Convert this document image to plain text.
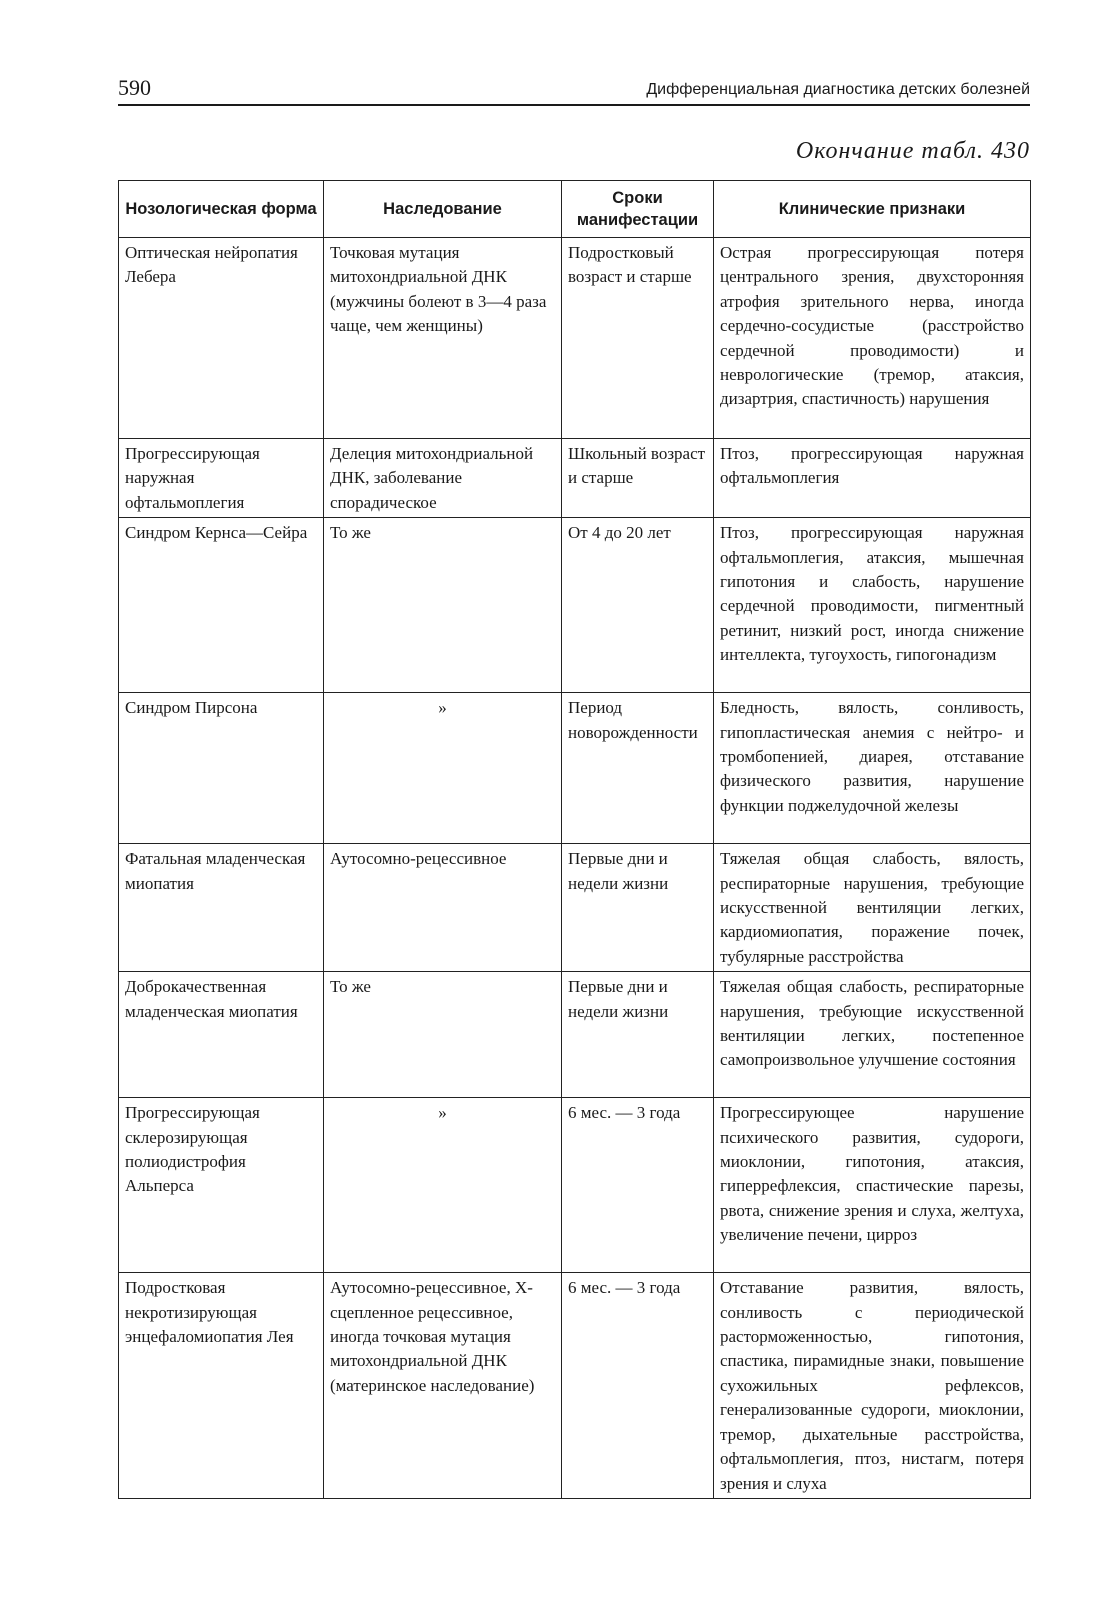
590	Дифференциальная диагностика детских болезней
Окончание табл. 430
Нозологическая форма	Наследование	Сроки манифестации	Клинические признаки
Оптическая нейропатия Лебера	Точковая мутация митохондриальной ДНК (мужчины болеют в 3—4 раза чаще, чем женщины)	Подростковый возраст и старше	Острая прогрессирующая потеря центрального зрения, двухсторонняя атрофия зрительного нерва, иногда сердечно-сосудистые (расстройство сердечной проводимости) и неврологические (тремор, атаксия, дизартрия, спастичность) нарушения
Прогрессирующая наружная офтальмоплегия	Делеция митохондриальной ДНК, заболевание спорадическое	Школьный возраст и старше	Птоз, прогрессирующая наружная офтальмоплегия
Синдром Кернса—Сейра	То же	От 4 до 20 лет	Птоз, прогрессирующая наружная офтальмоплегия, атаксия, мышечная гипотония и слабость, нарушение сердечной проводимости, пигментный ретинит, низкий рост, иногда снижение интеллекта, тугоухость, гипогонадизм
Синдром Пирсона	»	Период новорожденности	Бледность, вялость, сонливость, гипопластическая анемия с нейтро- и тромбопенией, диарея, отставание физического развития, нарушение функции поджелудочной железы
Фатальная младенческая миопатия	Аутосомно-рецессивное	Первые дни и недели жизни	Тяжелая общая слабость, вялость, респираторные нарушения, требующие искусственной вентиляции легких, кардиомиопатия, поражение почек, тубулярные расстройства
Доброкачественная младенческая миопатия	То же	Первые дни и недели жизни	Тяжелая общая слабость, респираторные нарушения, требующие искусственной вентиляции легких, постепенное самопроизвольное улучшение состояния
Прогрессирующая склерозирующая полиодистрофия Альперса	»	6 мес. — 3 года	Прогрессирующее нарушение психического развития, судороги, миоклонии, гипотония, атаксия, гиперрефлексия, спастические парезы, рвота, снижение зрения и слуха, желтуха, увеличение печени, цирроз
Подростковая некротизирующая энцефаломиопатия Лея	Аутосомно-рецессивное, Х-сцепленное рецессивное, иногда точковая мутация митохондриальной ДНК (материнское наследование)	6 мес. — 3 года	Отставание развития, вялость, сонливость с периодической расторможенностью, гипотония, спастика, пирамидные знаки, повышение сухожильных рефлексов, генерализованные судороги, миоклонии, тремор, дыхательные расстройства, офтальмоплегия, птоз, нистагм, потеря зрения и слуха
